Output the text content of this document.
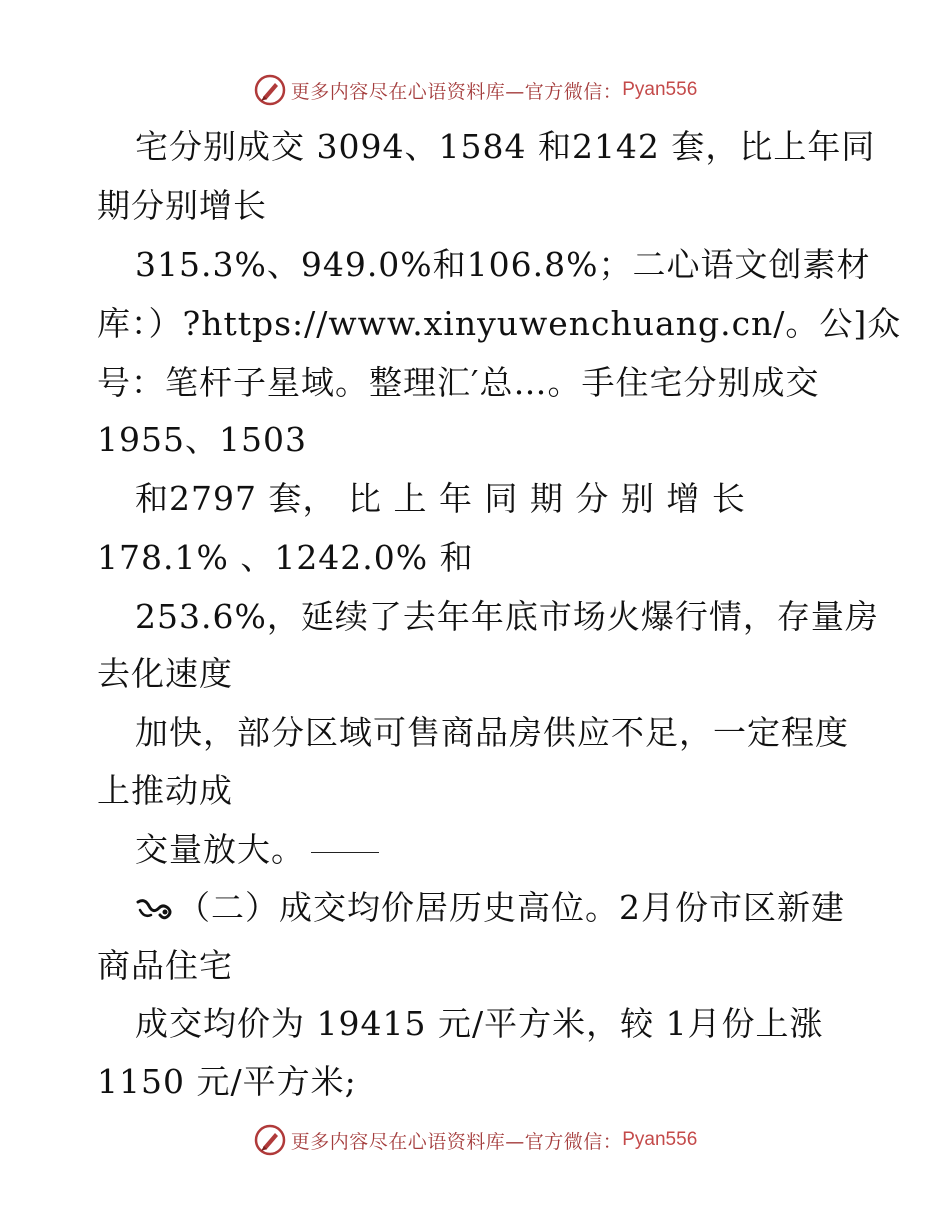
更多内容尽在心语资料库—官方微信： Pyan556
宅分别成交 3094、1584 和2142 套，比上年同
期分别增长
315.3%、949.0%和106.8%；二心语文创素材
库：）?https://www.xinyuwenchuang.cn/。公]众
号：笔杆子星域。整理汇′总…。手住宅分别成交
1955、1503
和2797 套， 比 上 年 同 期 分 别 增 长
178.1% 、1242.0% 和
253.6%，延续了去年年底市场火爆行情，存量房
去化速度
加快，部分区域可售商品房供应不足，一定程度
上推动成
交量放大。
（二）成交均价居历史高位。2月份市区新建
商品住宅
成交均价为 19415 元/平方米，较 1月份上涨
1150 元/平方米;
更多内容尽在心语资料库—官方微信： Pyan556
